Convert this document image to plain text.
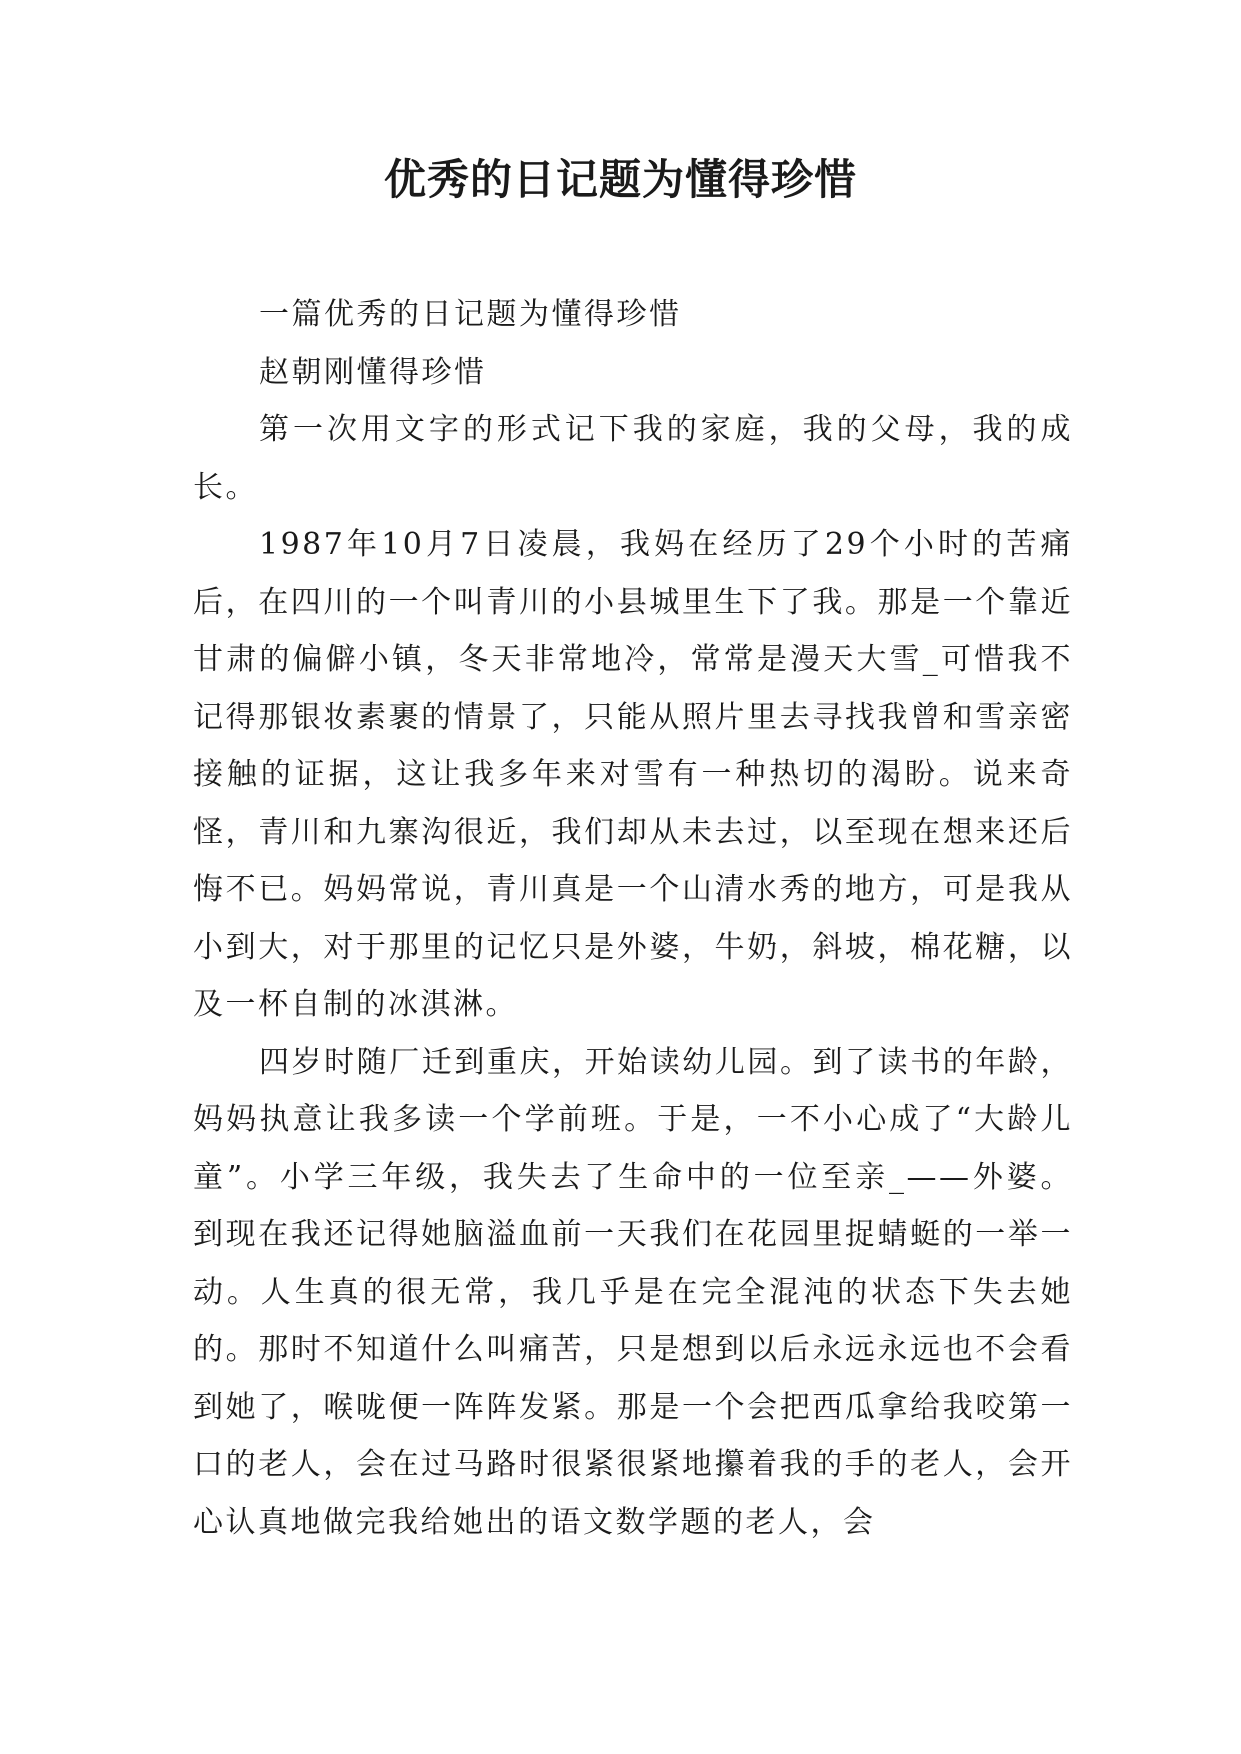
优秀的日记题为懂得珍惜

一篇优秀的日记题为懂得珍惜

赵朝刚懂得珍惜

第一次用文字的形式记下我的家庭，我的父母，我的成长。

1987年10月7日凌晨，我妈在经历了29个小时的苦痛后，在四川的一个叫青川的小县城里生下了我。那是一个靠近甘肃的偏僻小镇，冬天非常地冷，常常是漫天大雪_可惜我不记得那银妆素裹的情景了，只能从照片里去寻找我曾和雪亲密接触的证据，这让我多年来对雪有一种热切的渴盼。说来奇怪，青川和九寨沟很近，我们却从未去过，以至现在想来还后悔不已。妈妈常说，青川真是一个山清水秀的地方，可是我从小到大，对于那里的记忆只是外婆，牛奶，斜坡，棉花糖，以及一杯自制的冰淇淋。

四岁时随厂迁到重庆，开始读幼儿园。到了读书的年龄，妈妈执意让我多读一个学前班。于是，一不小心成了“大龄儿童”。小学三年级，我失去了生命中的一位至亲_——外婆。到现在我还记得她脑溢血前一天我们在花园里捉蜻蜓的一举一动。人生真的很无常，我几乎是在完全混沌的状态下失去她的。那时不知道什么叫痛苦，只是想到以后永远永远也不会看到她了，喉咙便一阵阵发紧。那是一个会把西瓜拿给我咬第一口的老人，会在过马路时很紧很紧地攥着我的手的老人，会开心认真地做完我给她出的语文数学题的老人，会
